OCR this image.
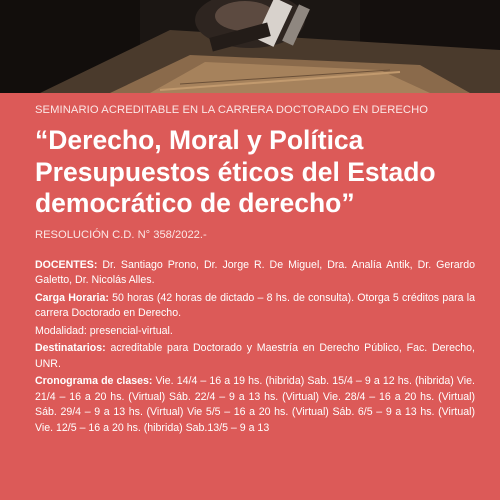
SEMINARIO ACREDITABLE EN LA CARRERA DOCTORADO EN DERECHO
“Derecho, Moral y Política Presupuestos éticos del Estado democrático de derecho”
RESOLUCIÓN C.D. N° 358/2022.-

DOCENTES: Dr. Santiago Prono, Dr. Jorge R. De Miguel, Dra. Analía Antik, Dr. Gerardo Galetto, Dr. Nicolás Alles.

Carga Horaria: 50 horas (42 horas de dictado – 8 hs. de consulta). Otorga 5 créditos para la carrera Doctorado en Derecho.

Modalidad: presencial-virtual.

Destinatarios: acreditable para Doctorado y Maestría en Derecho Público, Fac. Derecho, UNR.

Cronograma de clases: Vie. 14/4 – 16 a 19 hs. (hibrida) Sab. 15/4 – 9 a 12 hs. (hibrida) Vie. 21/4 – 16 a 20 hs. (Virtual) Sáb. 22/4 – 9 a 13 hs. (Virtual) Vie. 28/4 – 16 a 20 hs. (Virtual) Sáb. 29/4 – 9 a 13 hs. (Virtual) Vie 5/5 – 16 a 20 hs. (Virtual) Sáb. 6/5 – 9 a 13 hs. (Virtual) Vie. 12/5 – 16 a 20 hs. (hibrida) Sab.13/5 – 9 a 13
